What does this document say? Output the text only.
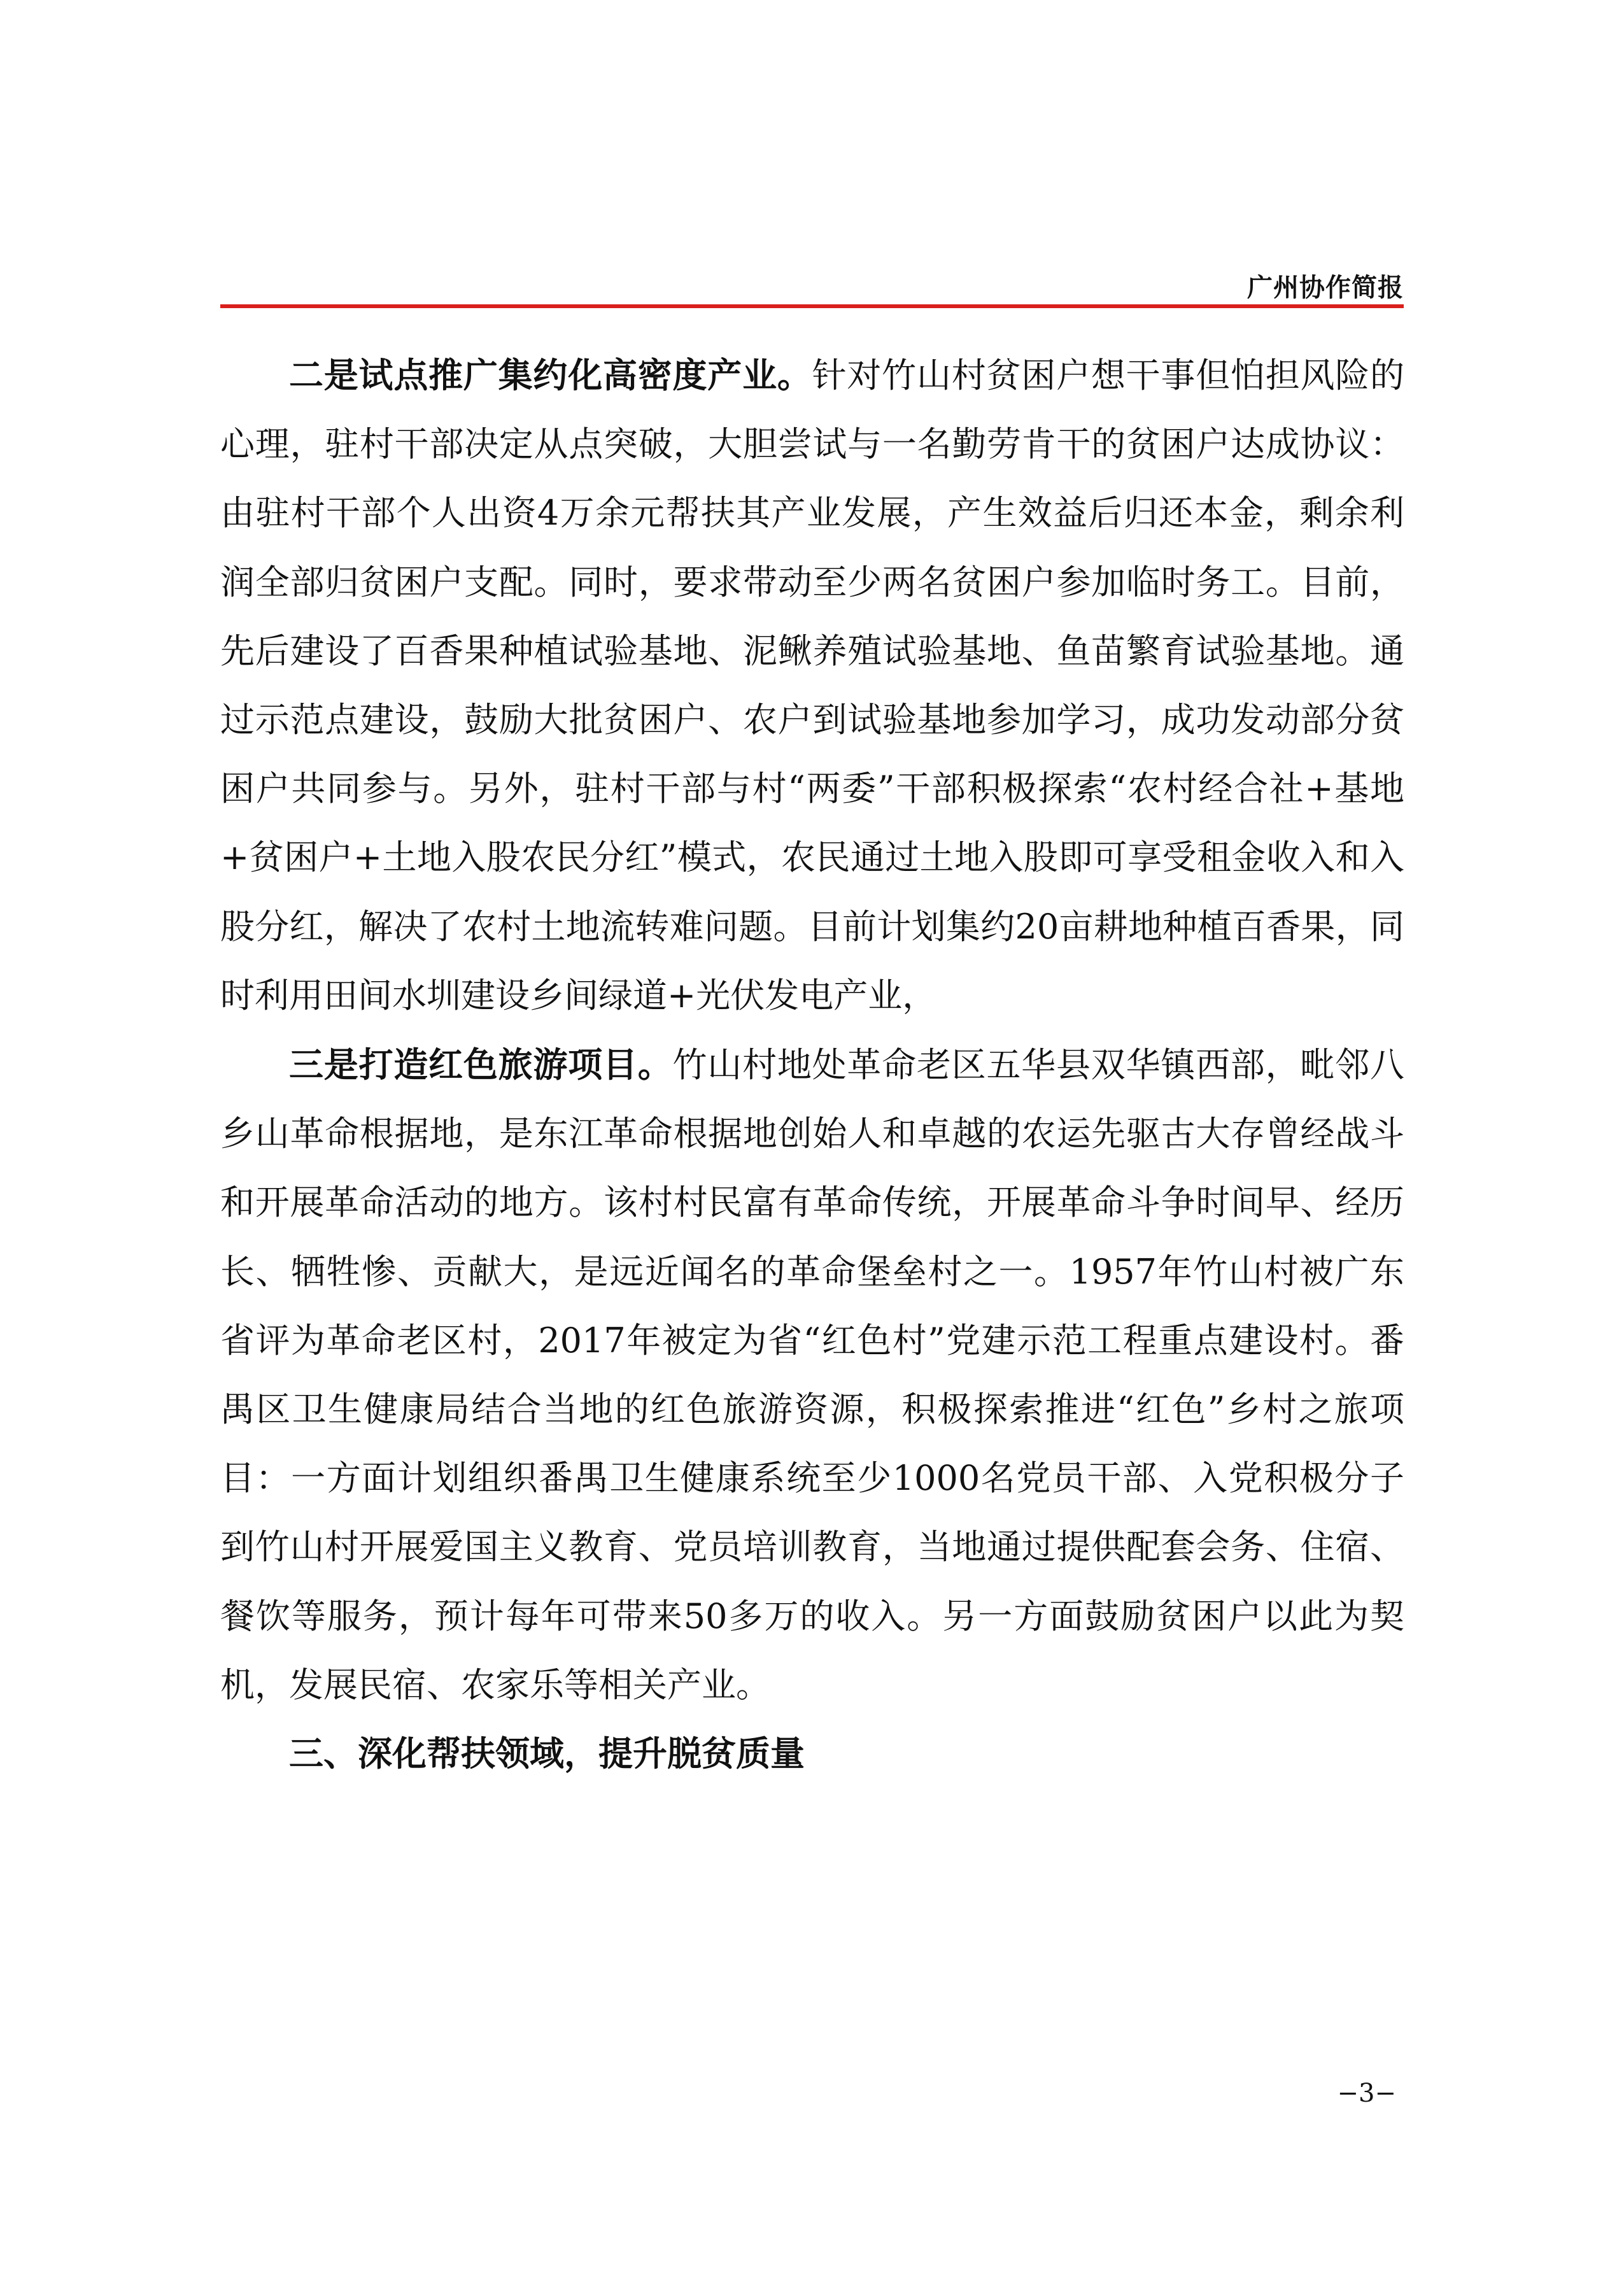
广州协作简报

二是试点推广集约化高密度产业。针对竹山村贫困户想干事但怕担风险的心理，驻村干部决定从点突破，大胆尝试与一名勤劳肯干的贫困户达成协议：由驻村干部个人出资4万余元帮扶其产业发展，产生效益后归还本金，剩余利润全部归贫困户支配。同时，要求带动至少两名贫困户参加临时务工。目前，先后建设了百香果种植试验基地、泥鳅养殖试验基地、鱼苗繁育试验基地。通过示范点建设，鼓励大批贫困户、农户到试验基地参加学习，成功发动部分贫困户共同参与。另外，驻村干部与村“两委”干部积极探索“农村经合社+基地+贫困户+土地入股农民分红”模式，农民通过土地入股即可享受租金收入和入股分红，解决了农村土地流转难问题。目前计划集约20亩耕地种植百香果，同时利用田间水圳建设乡间绿道+光伏发电产业，

三是打造红色旅游项目。竹山村地处革命老区五华县双华镇西部，毗邻八乡山革命根据地，是东江革命根据地创始人和卓越的农运先驱古大存曾经战斗和开展革命活动的地方。该村村民富有革命传统，开展革命斗争时间早、经历长、牺牲惨、贡献大，是远近闻名的革命堡垒村之一。1957年竹山村被广东省评为革命老区村，2017年被定为省“红色村”党建示范工程重点建设村。番禺区卫生健康局结合当地的红色旅游资源，积极探索推进“红色”乡村之旅项目：一方面计划组织番禺卫生健康系统至少1000名党员干部、入党积极分子到竹山村开展爱国主义教育、党员培训教育，当地通过提供配套会务、住宿、餐饮等服务，预计每年可带来50多万的收入。另一方面鼓励贫困户以此为契机，发展民宿、农家乐等相关产业。

三、深化帮扶领域，提升脱贫质量

−3−
